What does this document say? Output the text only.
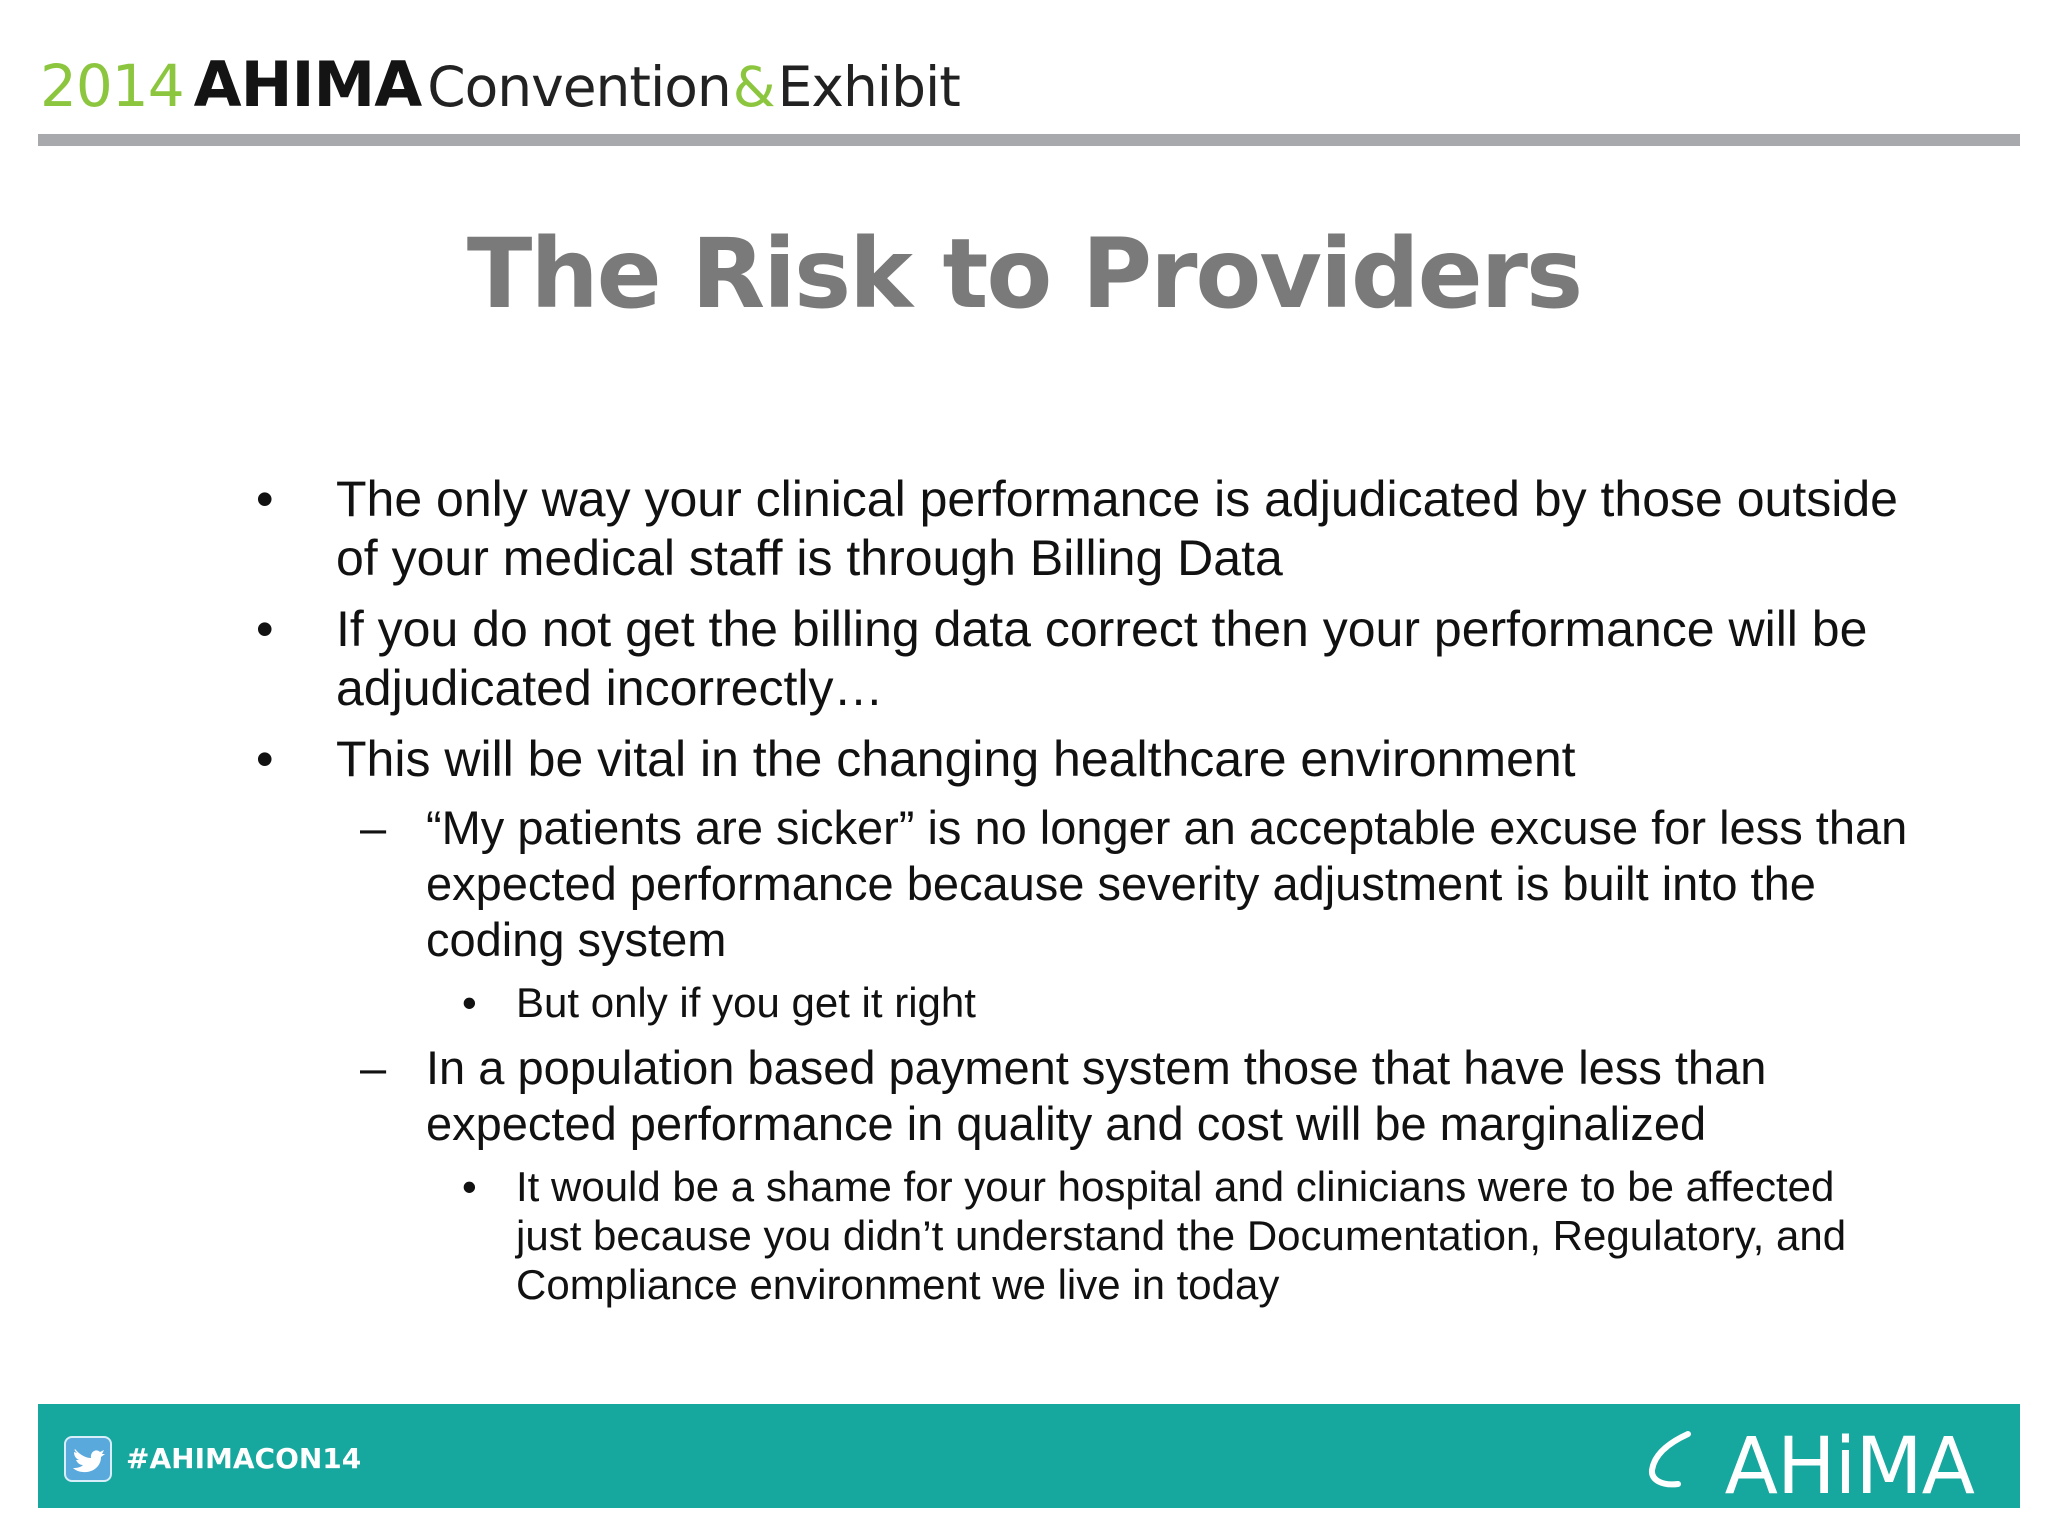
2014 AHIMA Convention & Exhibit
The Risk to Providers
• The only way your clinical performance is adjudicated by those outside of your medical staff is through Billing Data
• If you do not get the billing data correct then your performance will be adjudicated incorrectly…
• This will be vital in the changing healthcare environment
– “My patients are sicker” is no longer an acceptable excuse for less than expected performance because severity adjustment is built into the coding system
• But only if you get it right
– In a population based payment system those that have less than expected performance in quality and cost will be marginalized
• It would be a shame for your hospital and clinicians were to be affected just because you didn’t understand the Documentation, Regulatory, and Compliance environment we live in today
#AHIMACON14	AHiMA
